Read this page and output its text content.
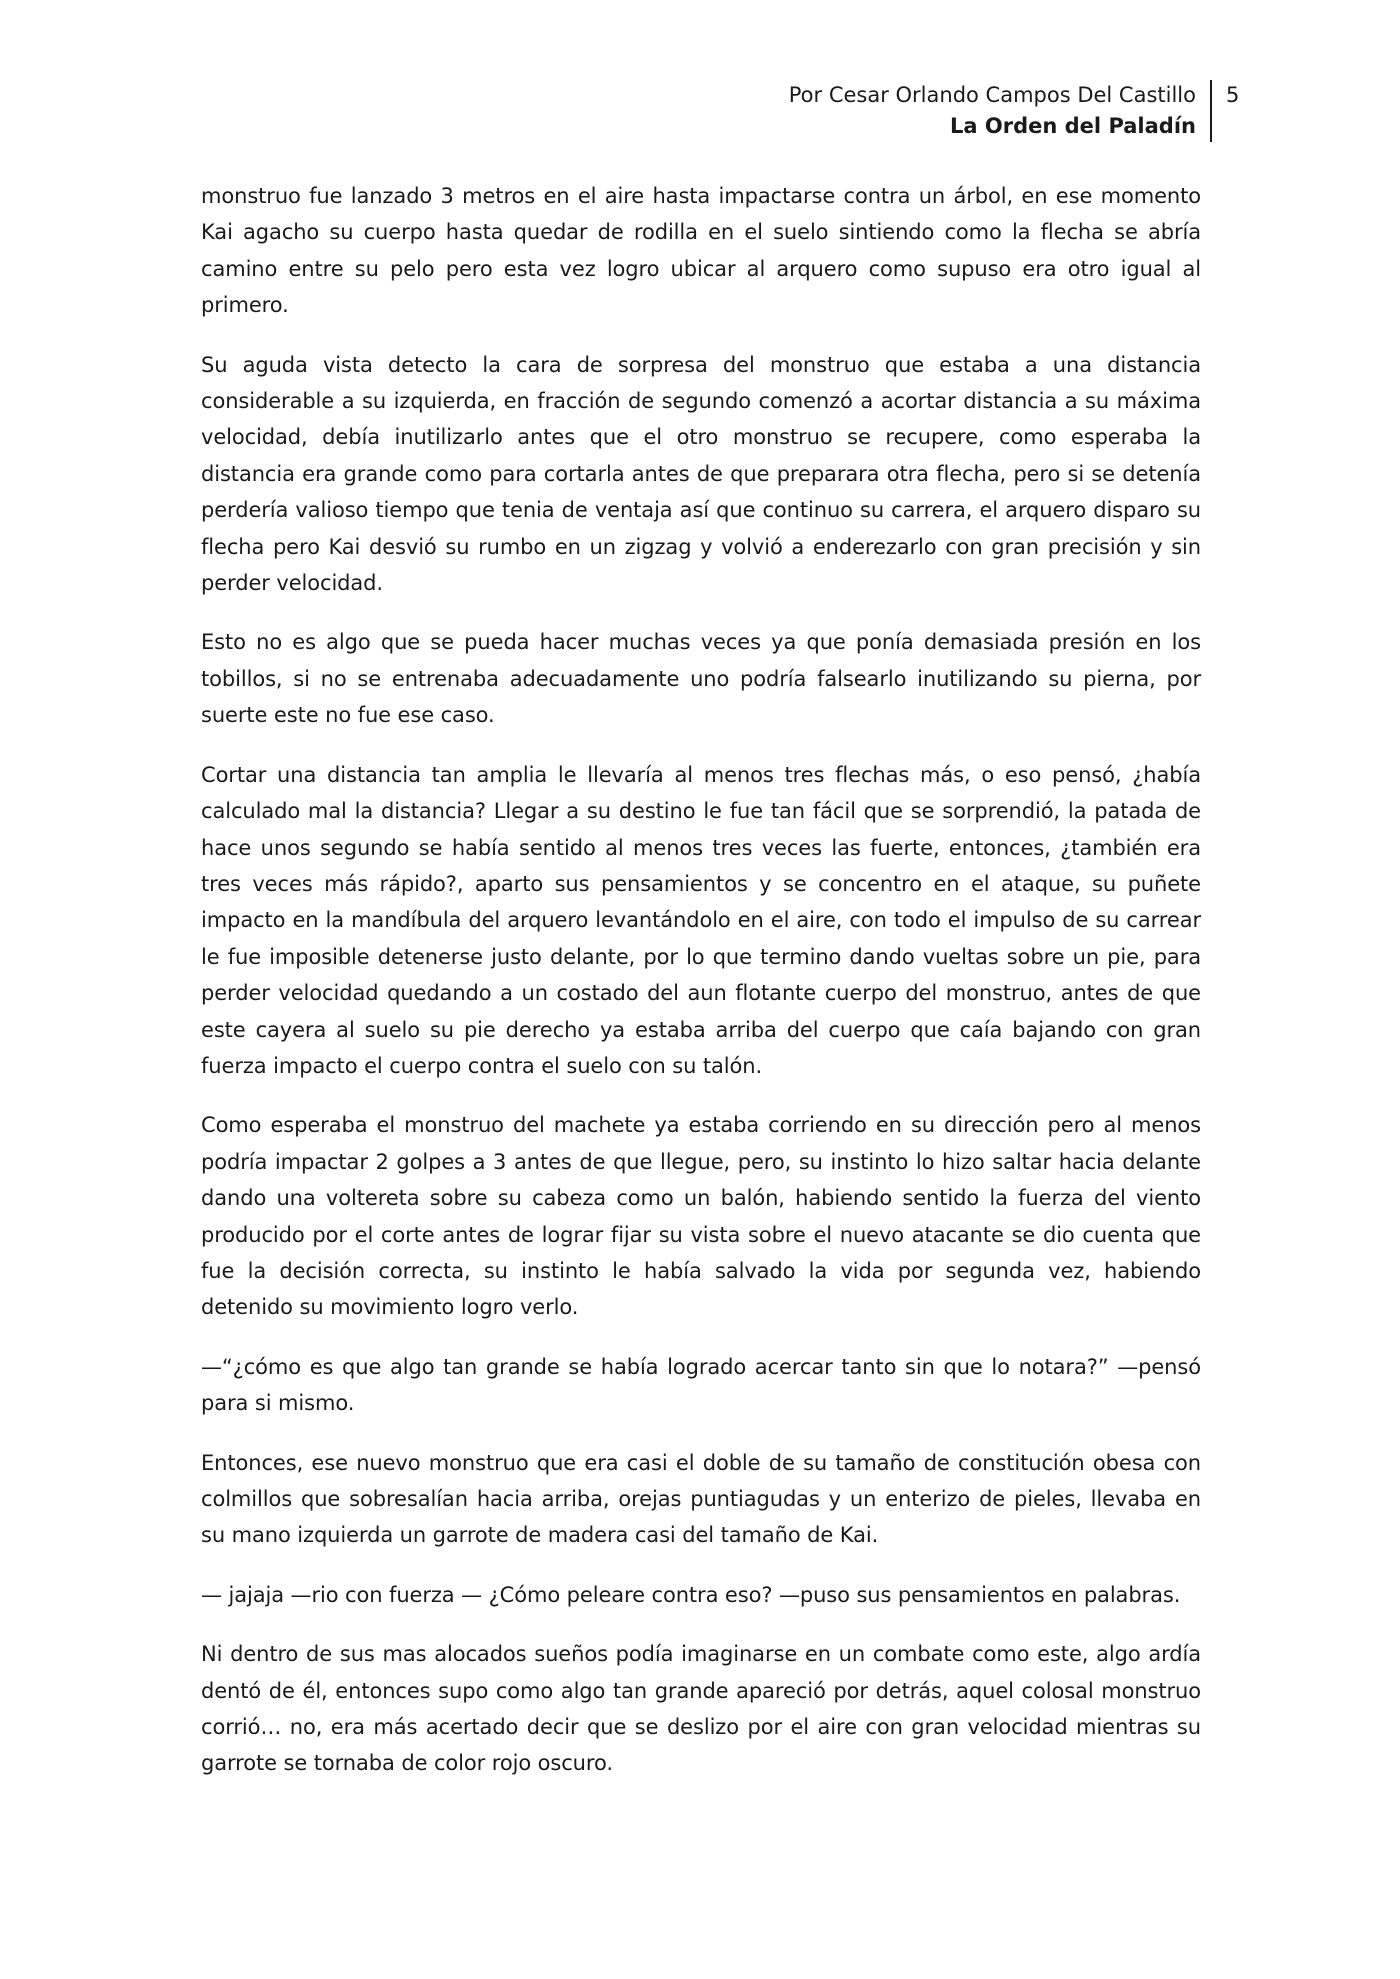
Por Cesar Orlando Campos Del Castillo
La Orden del Paladín
5

monstruo fue lanzado 3 metros en el aire hasta impactarse contra un árbol, en ese momento Kai agacho su cuerpo hasta quedar de rodilla en el suelo sintiendo como la flecha se abría camino entre su pelo pero esta vez logro ubicar al arquero como supuso era otro igual al primero.

Su aguda vista detecto la cara de sorpresa del monstruo que estaba a una distancia considerable a su izquierda, en fracción de segundo comenzó a acortar distancia a su máxima velocidad, debía inutilizarlo antes que el otro monstruo se recupere, como esperaba la distancia era grande como para cortarla antes de que preparara otra flecha, pero si se detenía perdería valioso tiempo que tenia de ventaja así que continuo su carrera, el arquero disparo su flecha pero Kai desvió su rumbo en un zigzag y volvió a enderezarlo con gran precisión y sin perder velocidad.

Esto no es algo que se pueda hacer muchas veces ya que ponía demasiada presión en los tobillos, si no se entrenaba adecuadamente uno podría falsearlo inutilizando su pierna, por suerte este no fue ese caso.

Cortar una distancia tan amplia le llevaría al menos tres flechas más, o eso pensó, ¿había calculado mal la distancia? Llegar a su destino le fue tan fácil que se sorprendió, la patada de hace unos segundo se había sentido al menos tres veces las fuerte, entonces, ¿también era tres veces más rápido?, aparto sus pensamientos y se concentro en el ataque, su puñete impacto en la mandíbula del arquero levantándolo en el aire, con todo el impulso de su carrear le fue imposible detenerse justo delante, por lo que termino dando vueltas sobre un pie, para perder velocidad quedando a un costado del aun flotante cuerpo del monstruo, antes de que este cayera al suelo su pie derecho ya estaba arriba del cuerpo que caía bajando con gran fuerza impacto el cuerpo contra el suelo con su talón.

Como esperaba el monstruo del machete ya estaba corriendo en su dirección pero al menos podría impactar 2 golpes a 3 antes de que llegue, pero, su instinto lo hizo saltar hacia delante dando una voltereta sobre su cabeza como un balón, habiendo sentido la fuerza del viento producido por el corte antes de lograr fijar su vista sobre el nuevo atacante se dio cuenta que fue la decisión correcta, su instinto le había salvado la vida por segunda vez, habiendo detenido su movimiento logro verlo.

—“¿cómo es que algo tan grande se había logrado acercar tanto sin que lo notara?” —pensó para si mismo.

Entonces, ese nuevo monstruo que era casi el doble de su tamaño de constitución obesa con colmillos que sobresalían hacia arriba, orejas puntiagudas y un enterizo de pieles, llevaba en su mano izquierda un garrote de madera casi del tamaño de Kai.

— jajaja —rio con fuerza — ¿Cómo peleare contra eso? —puso sus pensamientos en palabras.

Ni dentro de sus mas alocados sueños podía imaginarse en un combate como este, algo ardía dentó de él, entonces supo como algo tan grande apareció por detrás, aquel colosal monstruo corrió… no, era más acertado decir que se deslizo por el aire con gran velocidad mientras su garrote se tornaba de color rojo oscuro.
